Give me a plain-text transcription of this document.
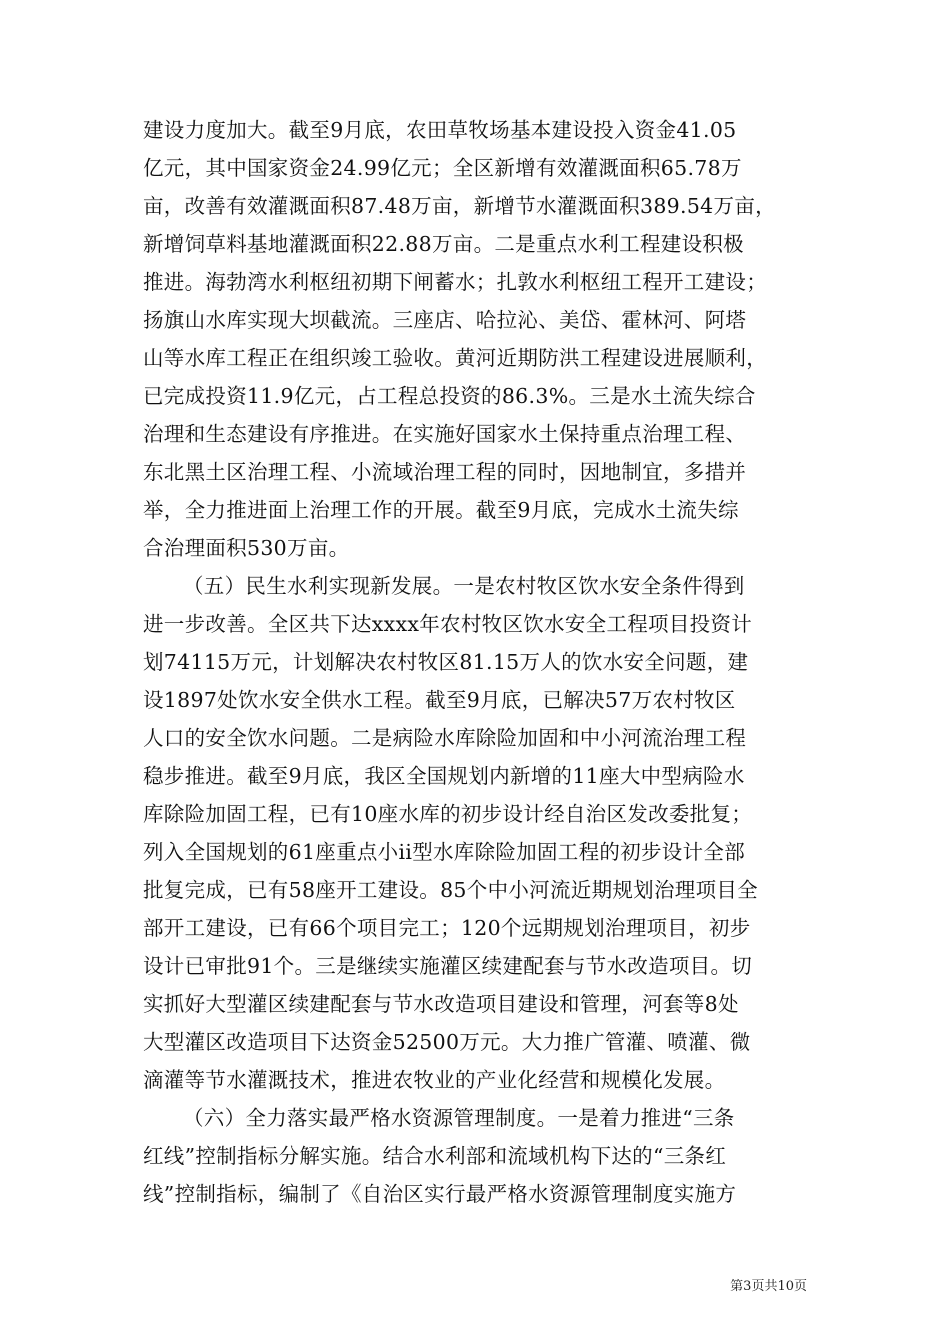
建设力度加大。截至9月底，农田草牧场基本建设投入资金41.05
亿元，其中国家资金24.99亿元；全区新增有效灌溉面积65.78万
亩，改善有效灌溉面积87.48万亩，新增节水灌溉面积389.54万亩，
新增饲草料基地灌溉面积22.88万亩。二是重点水利工程建设积极
推进。海勃湾水利枢纽初期下闸蓄水；扎敦水利枢纽工程开工建设；
扬旗山水库实现大坝截流。三座店、哈拉沁、美岱、霍林河、阿塔
山等水库工程正在组织竣工验收。黄河近期防洪工程建设进展顺利，
已完成投资11.9亿元，占工程总投资的86.3%。三是水土流失综合
治理和生态建设有序推进。在实施好国家水土保持重点治理工程、
东北黑土区治理工程、小流域治理工程的同时，因地制宜，多措并
举，全力推进面上治理工作的开展。截至9月底，完成水土流失综
合治理面积530万亩。
（五）民生水利实现新发展。一是农村牧区饮水安全条件得到
进一步改善。全区共下达xxxx年农村牧区饮水安全工程项目投资计
划74115万元，计划解决农村牧区81.15万人的饮水安全问题，建
设1897处饮水安全供水工程。截至9月底，已解决57万农村牧区
人口的安全饮水问题。二是病险水库除险加固和中小河流治理工程
稳步推进。截至9月底，我区全国规划内新增的11座大中型病险水
库除险加固工程，已有10座水库的初步设计经自治区发改委批复；
列入全国规划的61座重点小ii型水库除险加固工程的初步设计全部
批复完成，已有58座开工建设。85个中小河流近期规划治理项目全
部开工建设，已有66个项目完工；120个远期规划治理项目，初步
设计已审批91个。三是继续实施灌区续建配套与节水改造项目。切
实抓好大型灌区续建配套与节水改造项目建设和管理，河套等8处
大型灌区改造项目下达资金52500万元。大力推广管灌、喷灌、微
滴灌等节水灌溉技术，推进农牧业的产业化经营和规模化发展。
（六）全力落实最严格水资源管理制度。一是着力推进“三条
红线”控制指标分解实施。结合水利部和流域机构下达的“三条红
线”控制指标，编制了《自治区实行最严格水资源管理制度实施方
第3页共10页
